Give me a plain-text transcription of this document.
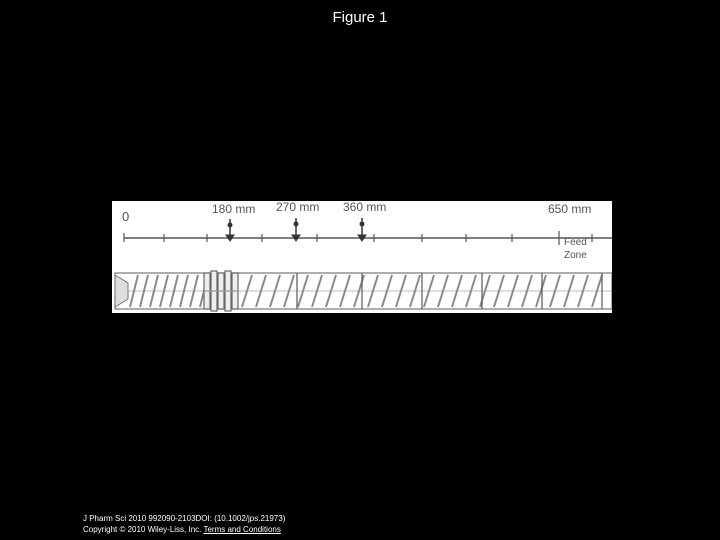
Figure 1
0	180 mm 270 mm 360 mm	650 mm
Feed
Zone
J Pharm Sci 2010 992090-2103DOI: (10.1002/jps.21973)
Copyright © 2010 Wiley-Liss, Inc. Terms and Conditions
